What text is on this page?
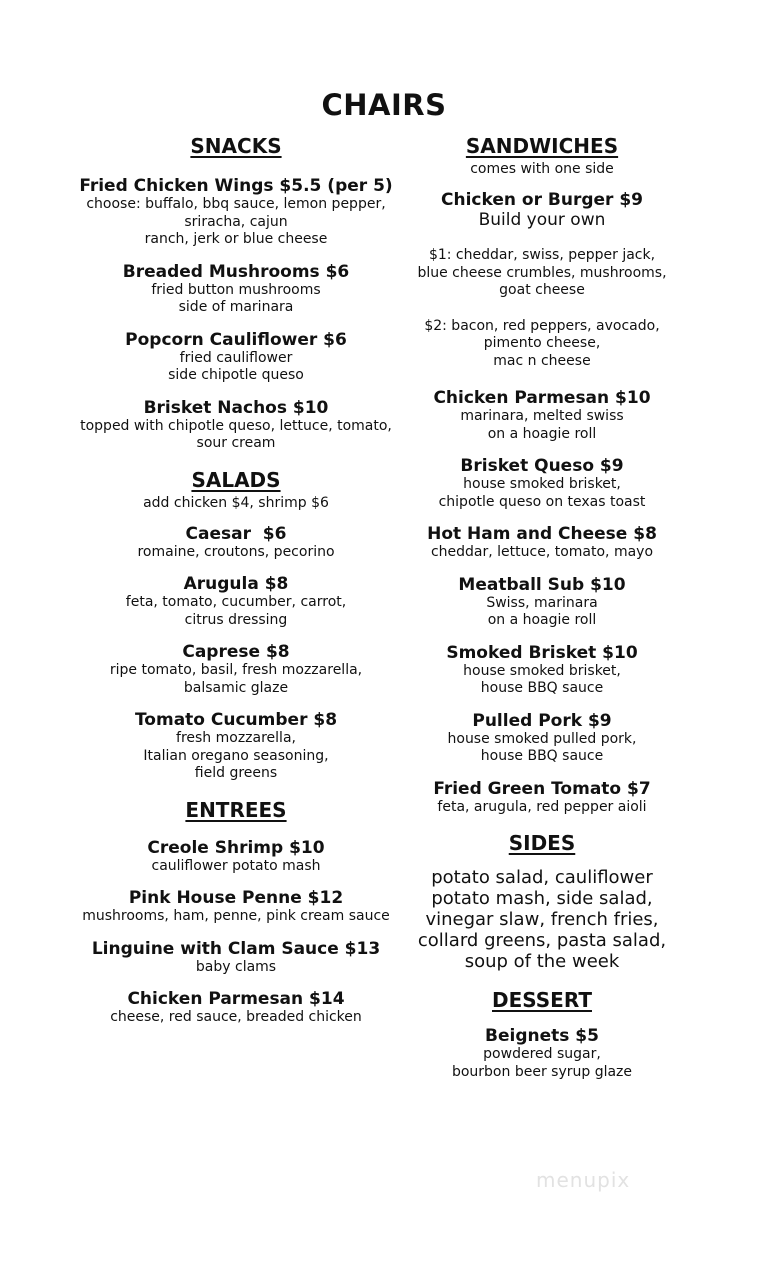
CHAIRS
SNACKS
Fried Chicken Wings $5.5 (per 5)
choose: buffalo, bbq sauce, lemon pepper,
sriracha, cajun
ranch, jerk or blue cheese
Breaded Mushrooms $6
fried button mushrooms
side of marinara
Popcorn Cauliflower $6
fried cauliflower
side chipotle queso
Brisket Nachos $10
topped with chipotle queso, lettuce, tomato,
sour cream
SALADS
add chicken $4, shrimp $6
Caesar  $6
romaine, croutons, pecorino
Arugula $8
feta, tomato, cucumber, carrot,
citrus dressing
Caprese $8
ripe tomato, basil, fresh mozzarella,
balsamic glaze
Tomato Cucumber $8
fresh mozzarella,
Italian oregano seasoning,
field greens
ENTREES
Creole Shrimp $10
cauliflower potato mash
Pink House Penne $12
mushrooms, ham, penne, pink cream sauce
Linguine with Clam Sauce $13
baby clams
Chicken Parmesan $14
cheese, red sauce, breaded chicken
SANDWICHES
comes with one side
Chicken or Burger $9
Build your own
$1: cheddar, swiss, pepper jack,
blue cheese crumbles, mushrooms,
goat cheese
$2: bacon, red peppers, avocado,
pimento cheese,
mac n cheese
Chicken Parmesan $10
marinara, melted swiss
on a hoagie roll
Brisket Queso $9
house smoked brisket,
chipotle queso on texas toast
Hot Ham and Cheese $8
cheddar, lettuce, tomato, mayo
Meatball Sub $10
Swiss, marinara
on a hoagie roll
Smoked Brisket $10
house smoked brisket,
house BBQ sauce
Pulled Pork $9
house smoked pulled pork,
house BBQ sauce
Fried Green Tomato $7
feta, arugula, red pepper aioli
SIDES
potato salad, cauliflower
potato mash, side salad,
vinegar slaw, french fries,
collard greens, pasta salad,
soup of the week
DESSERT
Beignets $5
powdered sugar,
bourbon beer syrup glaze
menupix
